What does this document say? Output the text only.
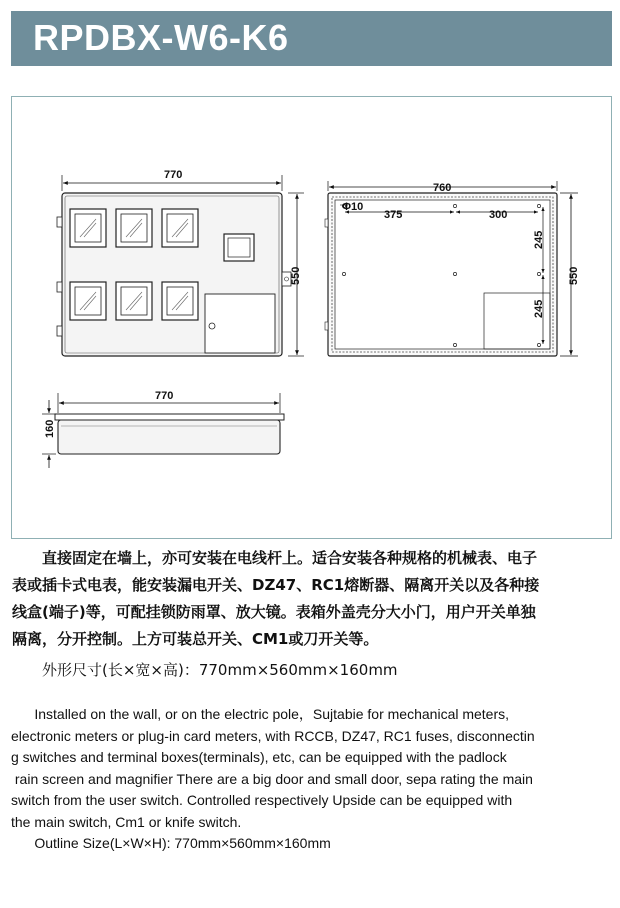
RPDBX-W6-K6
770
550
Φ10
375	300
245
245
760
550
770
160

　　直接固定在墙上，亦可安装在电线杆上。适合安装各种规格的机械表、电子

表或插卡式电表，能安装漏电开关、DZ47、RC1熔断器、隔离开关以及各种接

线盒(端子)等，可配挂锁防雨罩、放大镜。表箱外盖壳分大小门，用户开关单独

隔离，分开控制。上方可装总开关、CM1或刀开关等。

　　外形尺寸(长×宽×高)：770mm×560mm×160mm

Installed on the wall, or on the electric pole，Sujtabie for mechanical meters,

electronic meters or plug-in card meters, with RCCB, DZ47, RC1 fuses, disconnectin

g switches and terminal boxes(terminals), etc, can be equipped with the padlock

rain screen and magnifier There are a big door and small door, sepa rating the main

switch from the user switch. Controlled respectively Upside can be equipped with

the main switch, Cm1 or knife switch.

Outline Size(L×W×H): 770mm×560mm×160mm
